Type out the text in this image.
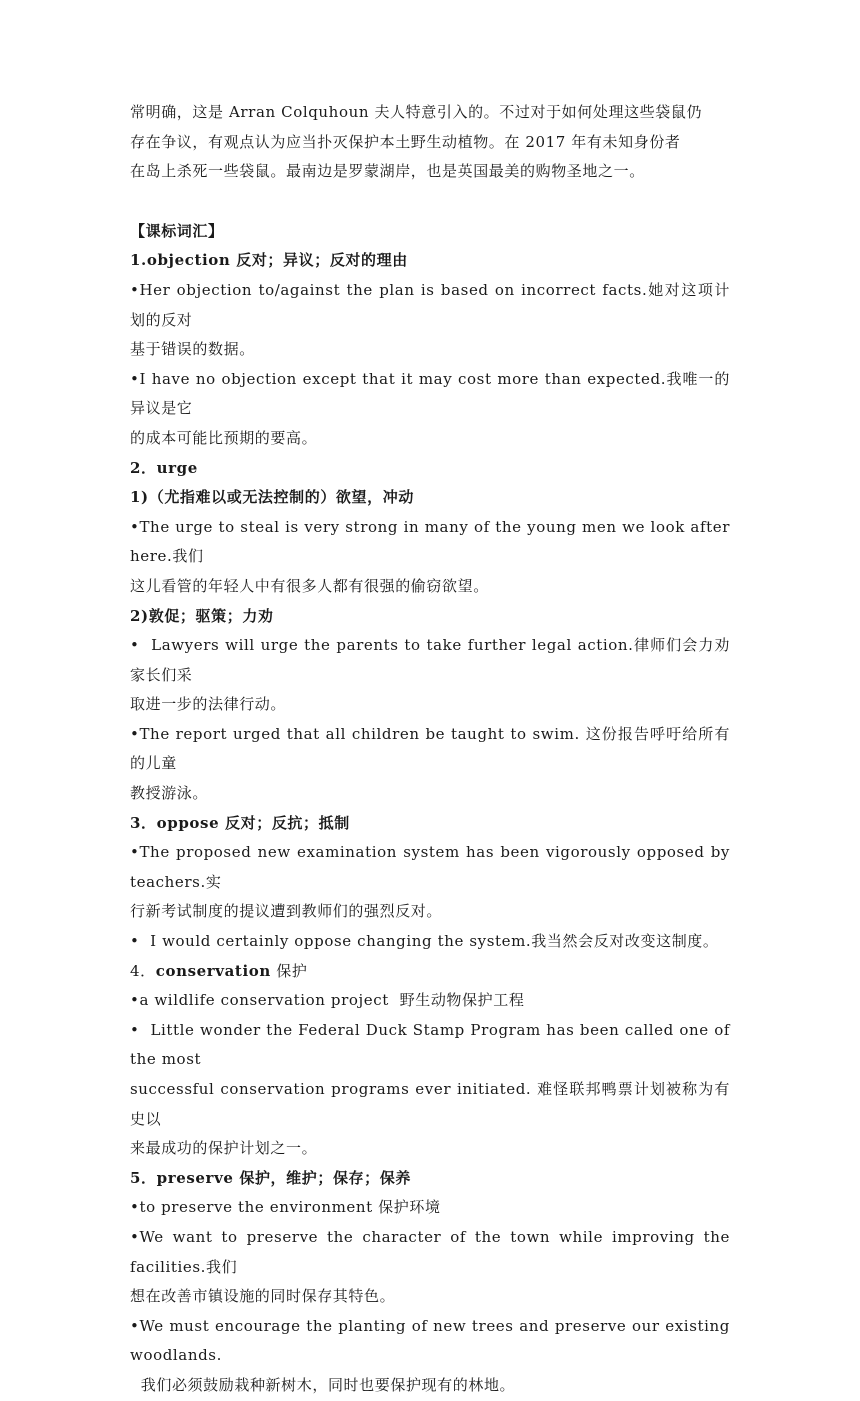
常明确，这是 Arran Colquhoun 夫人特意引入的。不过对于如何处理这些袋鼠仍
存在争议，有观点认为应当扑灭保护本土野生动植物。在 2017 年有未知身份者
在岛上杀死一些袋鼠。最南边是罗蒙湖岸，也是英国最美的购物圣地之一。
【课标词汇】
1.objection 反对；异议；反对的理由
•Her objection to/against the plan is based on incorrect facts.她对这项计划的反对
基于错误的数据。
•I have no objection except that it may cost more than expected.我唯一的异议是它
的成本可能比预期的要高。
2．urge
1)（尤指难以或无法控制的）欲望，冲动
•The urge to steal is very strong in many of the young men we look after here.我们
这儿看管的年轻人中有很多人都有很强的偷窃欲望。
2)敦促；驱策；力劝
•  Lawyers will urge the parents to take further legal action.律师们会力劝家长们采
取进一步的法律行动。
•The report urged that all children be taught to swim. 这份报告呼吁给所有的儿童
教授游泳。
3．oppose 反对；反抗；抵制
•The proposed new examination system has been vigorously opposed by teachers.实
行新考试制度的提议遭到教师们的强烈反对。
•  I would certainly oppose changing the system.我当然会反对改变这制度。
4．conservation 保护
•a wildlife conservation project  野生动物保护工程
•  Little wonder the Federal Duck Stamp Program has been called one of the most
successful conservation programs ever initiated. 难怪联邦鸭票计划被称为有史以
来最成功的保护计划之一。
5．preserve 保护，维护；保存；保养
•to preserve the environment 保护环境
•We want to preserve the character of the town while improving the facilities.我们
想在改善市镇设施的同时保存其特色。
•We must encourage the planting of new trees and preserve our existing woodlands.
我们必须鼓励栽种新树木，同时也要保护现有的林地。
